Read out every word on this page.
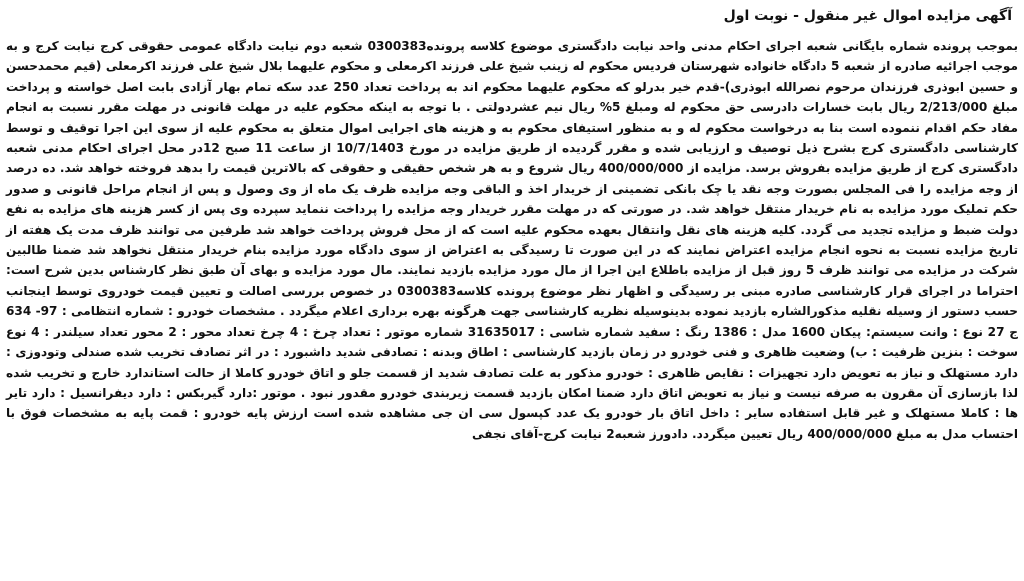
آگهی مزایده اموال غیر منقول - نوبت اول

بموجب پرونده شماره بایگانی شعبه اجرای احکام مدنی واحد نیابت دادگستری موضوع کلاسه پرونده0300383 شعبه دوم نیابت دادگاه عمومی حقوقی کرج نیابت کرج و به موجب اجرائیه صادره از شعبه 5 دادگاه خانواده شهرستان فردیس محکوم له زینب شیخ علی فرزند اکرمعلی و محکوم علیهما بلال شیخ علی فرزند اکرمعلی (قیم محمدحسن و حسین ابوذری فرزندان مرحوم نصرالله ابوذری)-قدم خیر بدرلو که محکوم علیهما محکوم اند به پرداخت تعداد 250 عدد سکه تمام بهار آزادی بابت اصل خواسته و پرداخت مبلغ 2/213/000 ریال بابت خسارات دادرسی حق محکوم له ومبلغ 5% ریال نیم عشردولتی . با توجه به اینکه محکوم علیه در مهلت قانونی در مهلت مقرر نسبت به انجام مفاد حکم اقدام ننموده است بنا به درخواست محکوم له و به منظور استیفای محکوم به و هزینه های اجرایی اموال متعلق به محکوم علیه از سوی این اجرا توقیف و توسط کارشناسی دادگستری کرج بشرح ذیل توصیف و ارزیابی شده و مقرر گردیده از طریق مزایده در مورخ 10/7/1403 از ساعت 11 صبح 12در محل اجرای احکام مدنی شعبه دادگستری کرج از طریق مزایده بفروش برسد. مزایده از 400/000/000 ریال شروع و به هر شخص حقیقی و حقوقی که بالاترین قیمت را بدهد فروخته خواهد شد. ده درصد از وجه مزایده را فی المجلس بصورت وجه نقد یا چک بانکی تضمینی از خریدار اخذ و الباقی وجه مزایده ظرف یک ماه از وی وصول و پس از انجام مراحل قانونی و صدور حکم تملیک مورد مزایده به نام خریدار منتقل خواهد شد. در صورتی که در مهلت مقرر خریدار وجه مزایده را پرداخت ننماید سپرده وی پس از کسر هزینه های مزایده به نفع دولت ضبط و مزایده تجدید می گردد. کلیه هزینه های نقل وانتقال بعهده محکوم علیه است که از محل فروش پرداخت خواهد شد طرفین می توانند ظرف مدت یک هفته از تاریخ مزایده نسبت به نحوه انجام مزایده اعتراض نمایند که در این صورت تا رسیدگی به اعتراض از سوی دادگاه مورد مزایده بنام خریدار منتقل نخواهد شد ضمنا طالبین شرکت در مزایده می توانند ظرف 5 روز قبل از مزایده باطلاع این اجرا از مال مورد مزایده بازدید نمایند. مال مورد مزایده و بهای آن طبق نظر کارشناس بدین شرح است: احتراما در اجرای قرار کارشناسی صادره مبنی بر رسیدگی و اظهار نظر موضوع پرونده کلاسه0300383 در خصوص بررسی اصالت و تعیین قیمت خودروی توسط اینجانب حسب دستور از وسیله نقلیه مذکورالشاره بازدید نموده بدینوسیله نظریه کارشناسی جهت هرگونه بهره برداری اعلام میگردد . مشخصات خودرو : شماره انتظامی : 97- 634 ج 27 نوع : وانت سیستم: پیکان 1600 مدل : 1386 رنگ : سفید شماره شاسی : 31635017 شماره موتور : تعداد چرخ : 4 چرخ تعداد محور : 2 محور تعداد سیلندر : 4 نوع سوخت : بنزین ظرفیت : ب) وضعیت ظاهری و فنی خودرو در زمان بازدید کارشناسی : اطاق وبدنه : تصادفی شدید داشبورد : در اثر تصادف تخریب شده صندلی وتودوزی : دارد مستهلک و نیاز به تعویض دارد تجهیزات : نقایص ظاهری : خودرو مذکور به علت تصادف شدید از قسمت جلو و اتاق خودرو کاملا از حالت استاندارد خارج و تخریب شده لذا بازسازی آن مقرون به صرفه نیست و نیاز به تعویض اتاق دارد ضمنا امکان بازدید قسمت زیربندی خودرو مقدور نبود . موتور :دارد گیربکس : دارد دیفرانسیل : دارد تایر ها : کاملا مستهلک و غیر قابل استفاده سایر : داخل اتاق بار خودرو یک عدد کپسول سی ان جی مشاهده شده است ارزش پایه خودرو : قمت پایه به مشخصات فوق با احتساب مدل به مبلغ 400/000/000 ریال تعیین میگردد. دادورز شعبه2 نیابت کرج-آقای نجفی
